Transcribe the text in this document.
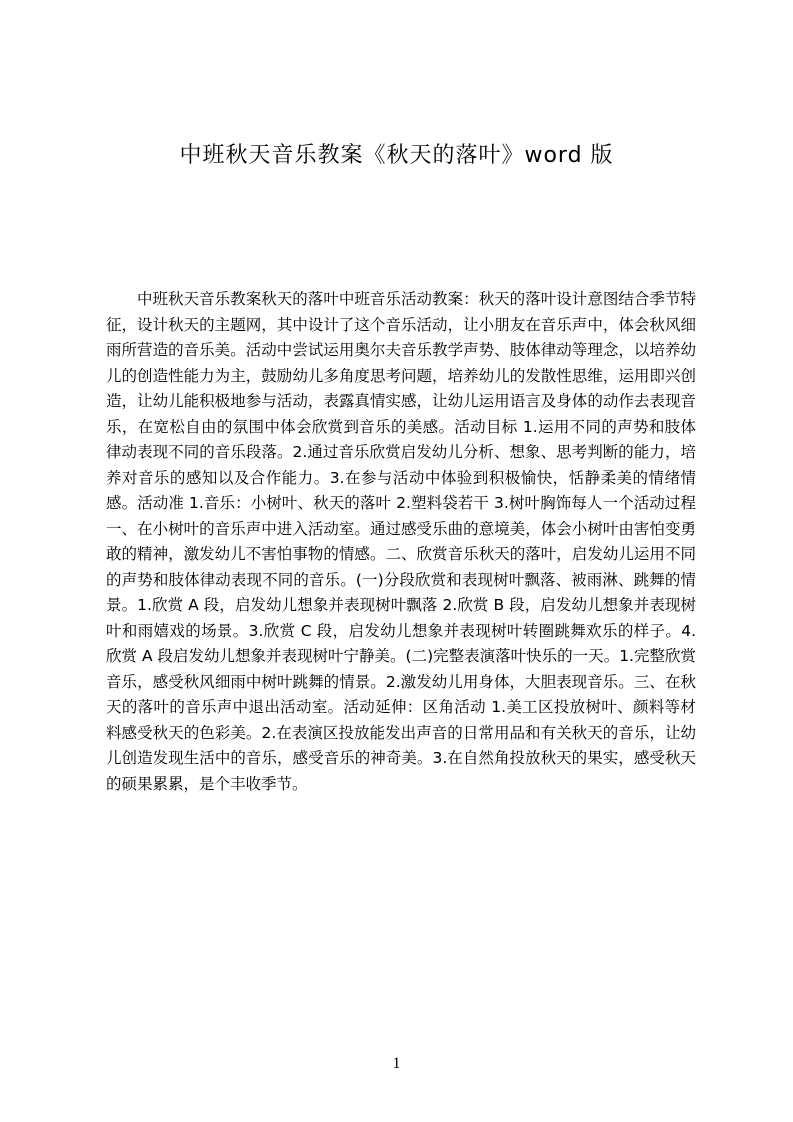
中班秋天音乐教案《秋天的落叶》word 版

中班秋天音乐教案秋天的落叶中班音乐活动教案：秋天的落叶设计意图结合季节特征，设计秋天的主题网，其中设计了这个音乐活动，让小朋友在音乐声中，体会秋风细雨所营造的音乐美。活动中尝试运用奥尔夫音乐教学声势、肢体律动等理念，以培养幼儿的创造性能力为主，鼓励幼儿多角度思考问题，培养幼儿的发散性思维，运用即兴创造，让幼儿能积极地参与活动，表露真情实感，让幼儿运用语言及身体的动作去表现音乐，在宽松自由的氛围中体会欣赏到音乐的美感。活动目标 1.运用不同的声势和肢体律动表现不同的音乐段落。2.通过音乐欣赏启发幼儿分析、想象、思考判断的能力，培养对音乐的感知以及合作能力。3.在参与活动中体验到积极愉快，恬静柔美的情绪情感。活动准 1.音乐：小树叶、秋天的落叶 2.塑料袋若干 3.树叶胸饰每人一个活动过程一、在小树叶的音乐声中进入活动室。通过感受乐曲的意境美，体会小树叶由害怕变勇敢的精神，激发幼儿不害怕事物的情感。二、欣赏音乐秋天的落叶，启发幼儿运用不同的声势和肢体律动表现不同的音乐。(一)分段欣赏和表现树叶飘落、被雨淋、跳舞的情景。1.欣赏 A 段，启发幼儿想象并表现树叶飘落 2.欣赏 B 段，启发幼儿想象并表现树叶和雨嬉戏的场景。3.欣赏 C 段，启发幼儿想象并表现树叶转圈跳舞欢乐的样子。4.欣赏 A 段启发幼儿想象并表现树叶宁静美。(二)完整表演落叶快乐的一天。1.完整欣赏音乐，感受秋风细雨中树叶跳舞的情景。2.激发幼儿用身体，大胆表现音乐。三、在秋天的落叶的音乐声中退出活动室。活动延伸：区角活动 1.美工区投放树叶、颜料等材料感受秋天的色彩美。2.在表演区投放能发出声音的日常用品和有关秋天的音乐，让幼儿创造发现生活中的音乐，感受音乐的神奇美。3.在自然角投放秋天的果实，感受秋天的硕果累累，是个丰收季节。

1
